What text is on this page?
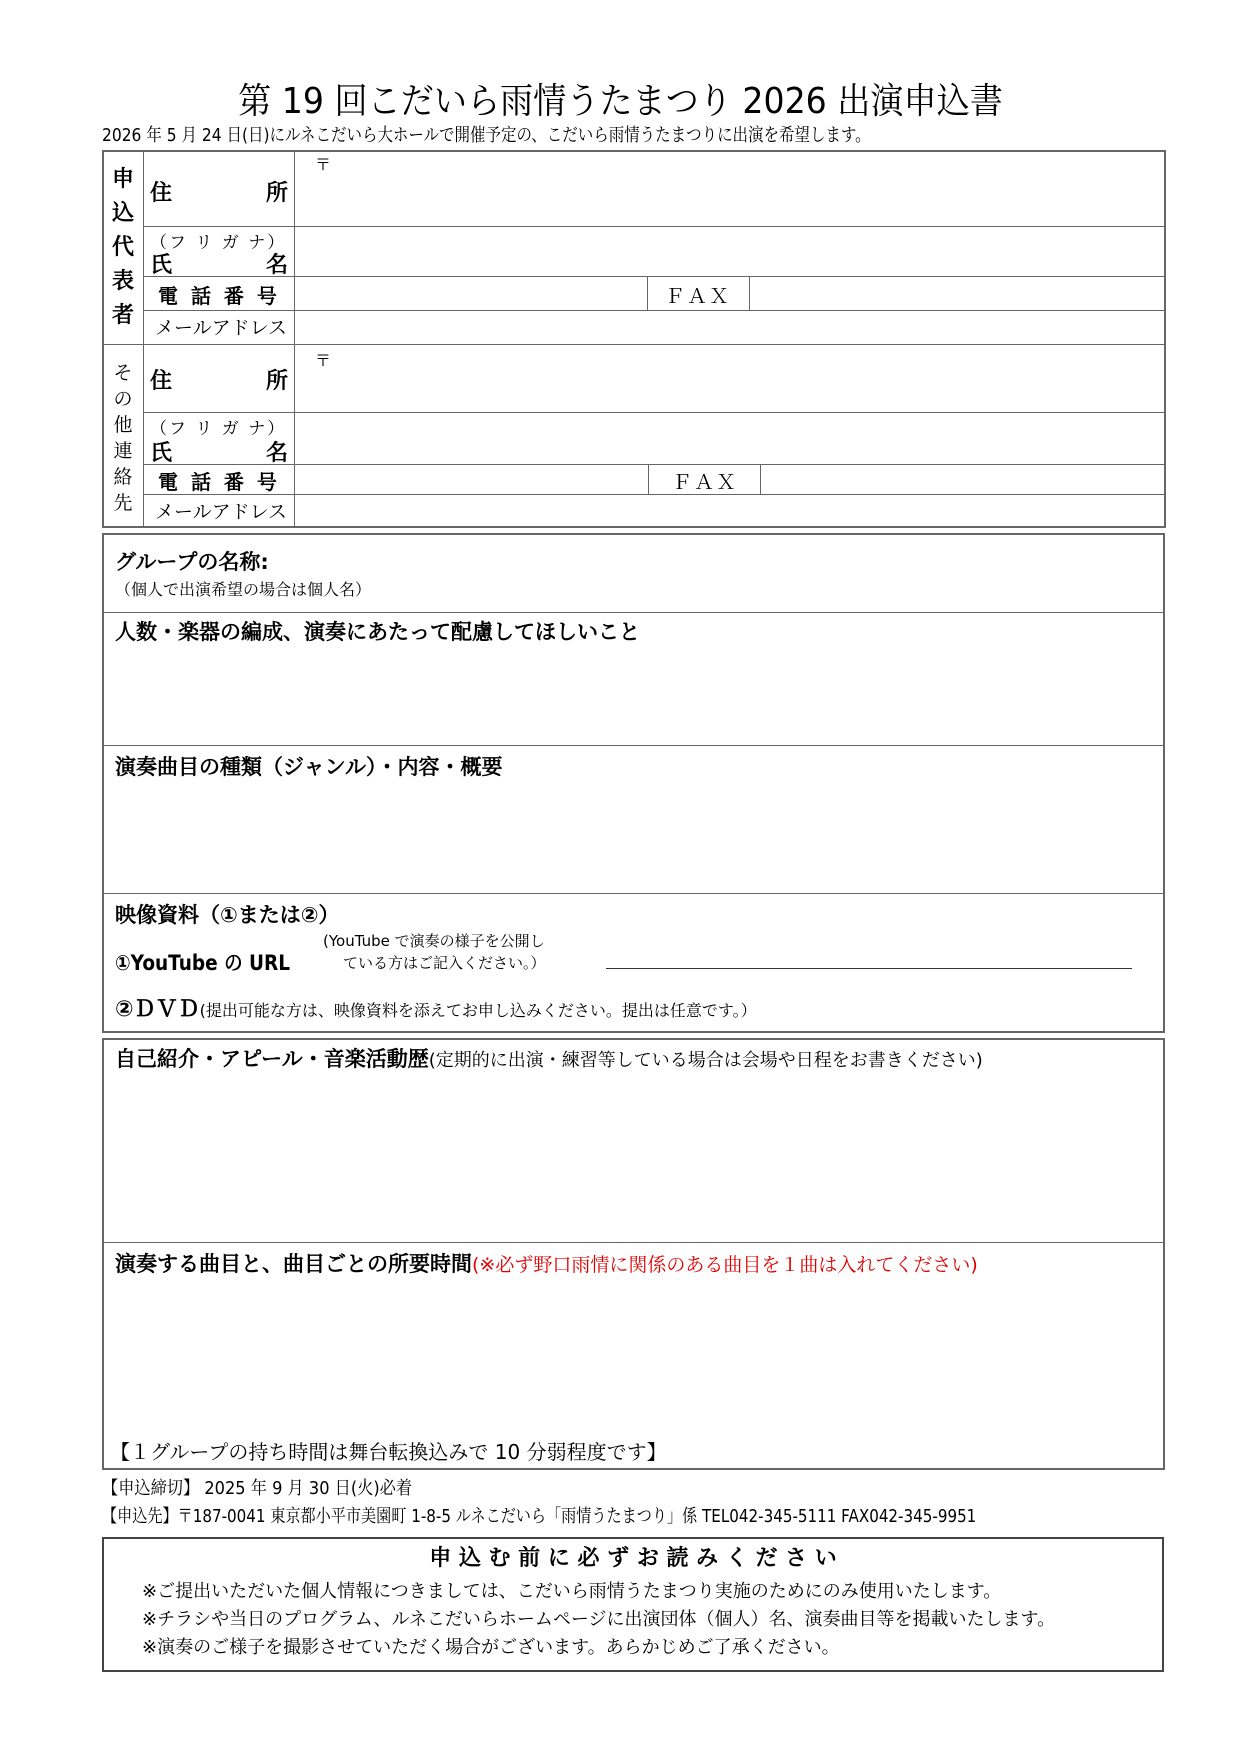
第 19 回こだいら雨情うたまつり 2026 出演申込書
2026 年 5 月 24 日(日)にルネこだいら大ホールで開催予定の、こだいら雨情うたまつりに出演を希望します。
申
込
代
表
者
住	所
〒
（フ リ ガ ナ）
氏	名
電 話 番 号	ＦＡＸ
メールアドレス
そ
の
他
連
絡
先
住	所
〒
（フ リ ガ ナ）
氏	名
電 話 番 号	ＦＡＸ
メールアドレス
グループの名称:
（個人で出演希望の場合は個人名）
人数・楽器の編成、演奏にあたって配慮してほしいこと
演奏曲目の種類（ジャンル）・内容・概要
映像資料（①または②）
①YouTube の URL
(YouTube で演奏の様子を公開し
ている方はご記入ください。）
②ＤＶＤ(提出可能な方は、映像資料を添えてお申し込みください。提出は任意です。）
自己紹介・アピール・音楽活動歴(定期的に出演・練習等している場合は会場や日程をお書きください)
演奏する曲目と、曲目ごとの所要時間(※必ず野口雨情に関係のある曲目を１曲は入れてください)
【１グループの持ち時間は舞台転換込みで 10 分弱程度です】
【申込締切】 2025 年 9 月 30 日(火)必着
【申込先】〒187-0041 東京都小平市美園町 1-8-5 ルネこだいら「雨情うたまつり」係 TEL042-345-5111 FAX042-345-9951
申 込 む 前 に 必 ず お 読 み く だ さ い
※ご提出いただいた個人情報につきましては、こだいら雨情うたまつり実施のためにのみ使用いたします。
※チラシや当日のプログラム、ルネこだいらホームページに出演団体（個人）名、演奏曲目等を掲載いたします。
※演奏のご様子を撮影させていただく場合がございます。あらかじめご了承ください。
